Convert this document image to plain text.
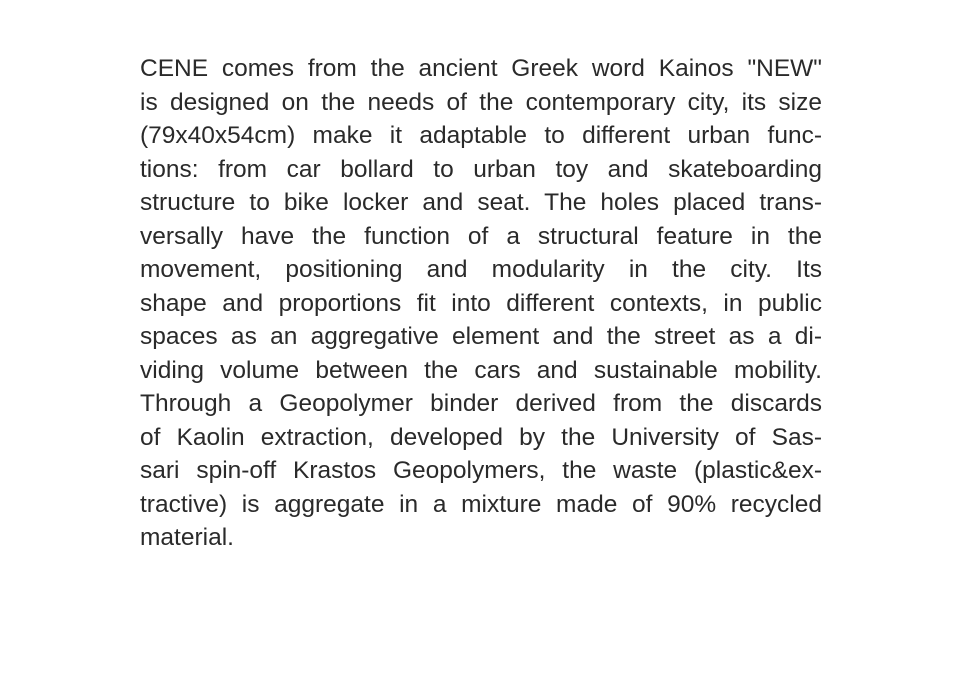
CENE comes from the ancient Greek word Kainos "NEW"
is designed on the needs of the contemporary city, its size
(79x40x54cm) make it adaptable to different urban func-
tions: from car bollard to urban toy and skateboarding
structure to bike locker and seat. The holes placed trans-
versally have the function of a structural feature in the
movement, positioning and modularity in the city. Its
shape and proportions fit into different contexts, in public
spaces as an aggregative element and the street as a di-
viding volume between the cars and sustainable mobility.
Through a Geopolymer binder derived from the discards
of Kaolin extraction, developed by the University of Sas-
sari spin-off Krastos Geopolymers, the waste (plastic&ex-
tractive) is aggregate in a mixture made of 90% recycled
material.
